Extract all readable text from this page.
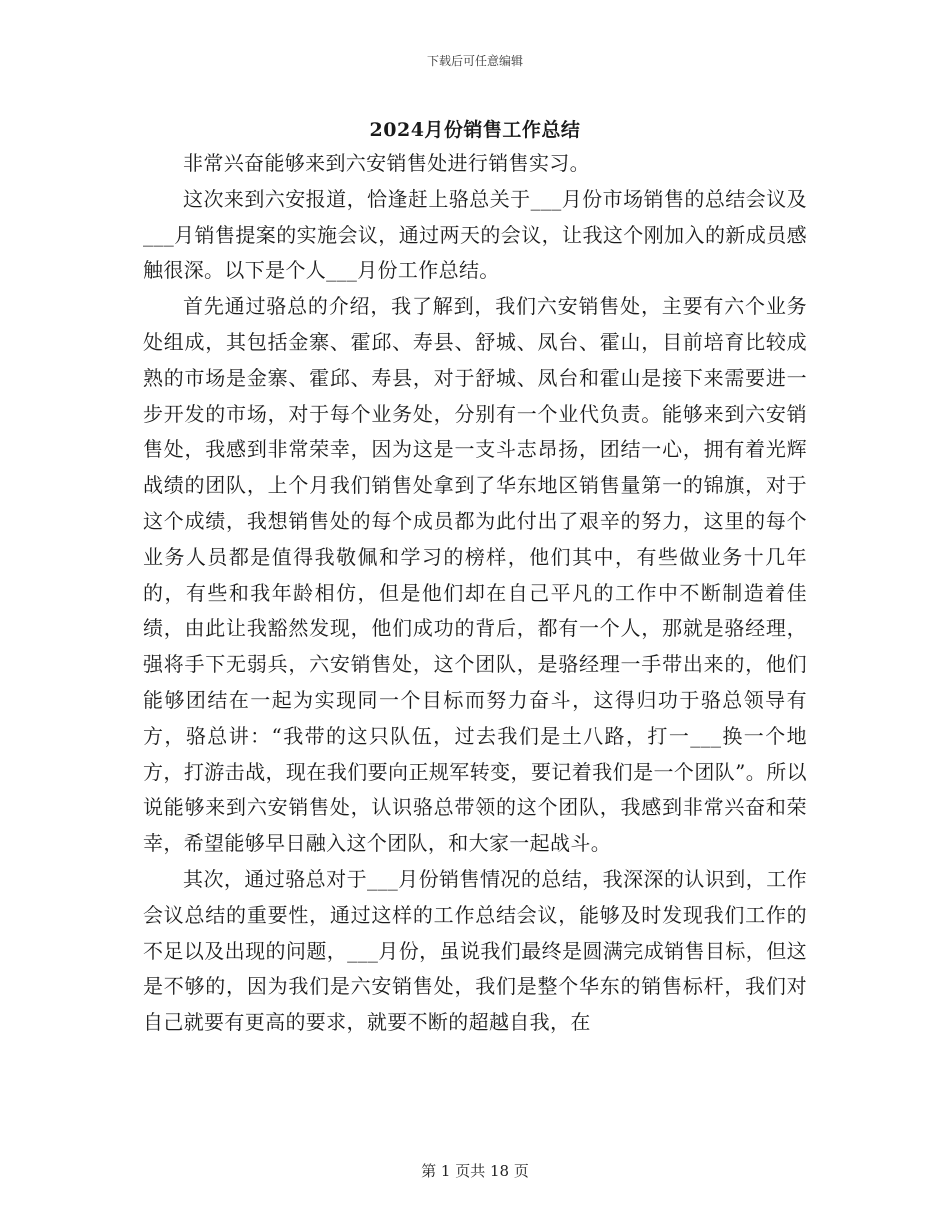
下载后可任意编辑
2024月份销售工作总结

非常兴奋能够来到六安销售处进行销售实习。

这次来到六安报道，恰逢赶上骆总关于___月份市场销售的总结会议及___月销售提案的实施会议，通过两天的会议，让我这个刚加入的新成员感触很深。以下是个人___月份工作总结。

首先通过骆总的介绍，我了解到，我们六安销售处，主要有六个业务处组成，其包括金寨、霍邱、寿县、舒城、凤台、霍山，目前培育比较成熟的市场是金寨、霍邱、寿县，对于舒城、凤台和霍山是接下来需要进一步开发的市场，对于每个业务处，分别有一个业代负责。能够来到六安销售处，我感到非常荣幸，因为这是一支斗志昂扬，团结一心，拥有着光辉战绩的团队，上个月我们销售处拿到了华东地区销售量第一的锦旗，对于这个成绩，我想销售处的每个成员都为此付出了艰辛的努力，这里的每个业务人员都是值得我敬佩和学习的榜样，他们其中，有些做业务十几年的，有些和我年龄相仿，但是他们却在自己平凡的工作中不断制造着佳绩，由此让我豁然发现，他们成功的背后，都有一个人，那就是骆经理，强将手下无弱兵，六安销售处，这个团队，是骆经理一手带出来的，他们能够团结在一起为实现同一个目标而努力奋斗，这得归功于骆总领导有方，骆总讲：“我带的这只队伍，过去我们是土八路，打一___换一个地方，打游击战，现在我们要向正规军转变，要记着我们是一个团队”。所以说能够来到六安销售处，认识骆总带领的这个团队，我感到非常兴奋和荣幸，希望能够早日融入这个团队，和大家一起战斗。

其次，通过骆总对于___月份销售情况的总结，我深深的认识到，工作会议总结的重要性，通过这样的工作总结会议，能够及时发现我们工作的不足以及出现的问题，___月份，虽说我们最终是圆满完成销售目标，但这是不够的，因为我们是六安销售处，我们是整个华东的销售标杆，我们对自己就要有更高的要求，就要不断的超越自我，在

第 1 页共 18 页
